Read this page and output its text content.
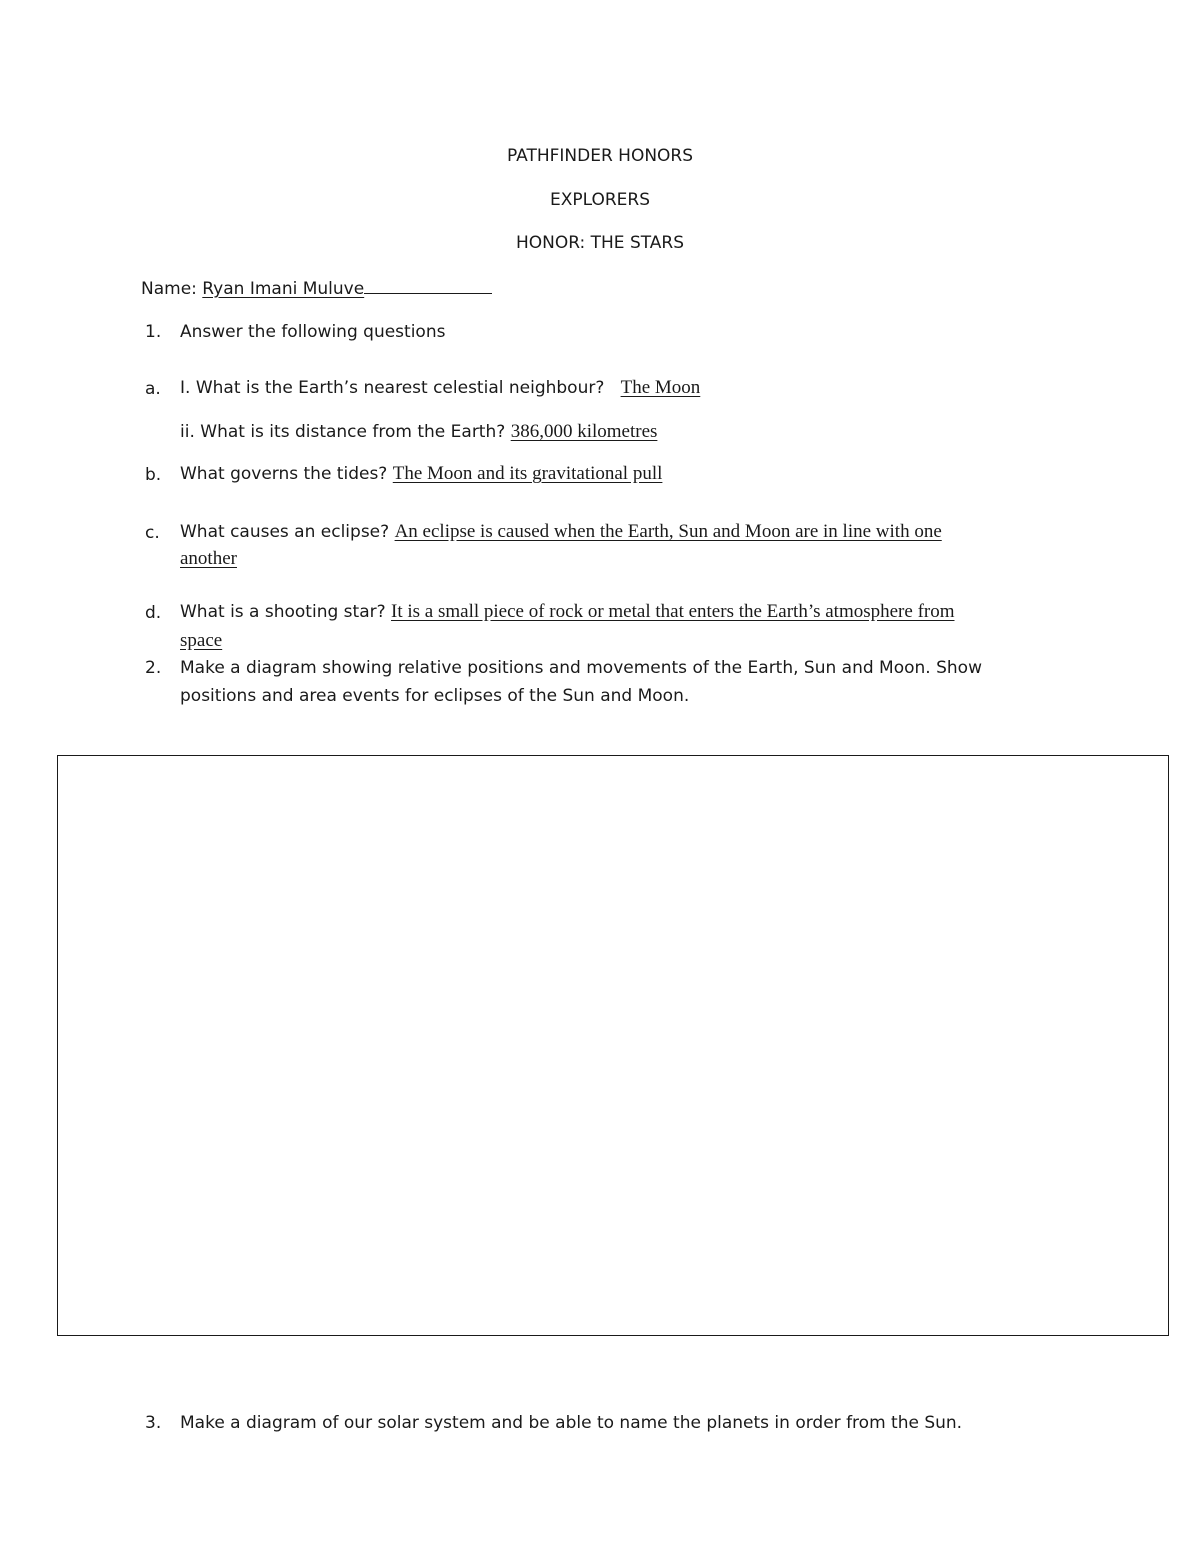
PATHFINDER HONORS
EXPLORERS
HONOR: THE STARS
Name: Ryan Imani Muluve
1. Answer the following questions
a. I. What is the Earth’s nearest celestial neighbour? The Moon
ii. What is its distance from the Earth? 386,000 kilometres
b. What governs the tides? The Moon and its gravitational pull
c. What causes an eclipse? An eclipse is caused when the Earth, Sun and Moon are in line with one
another
d. What is a shooting star? It is a small piece of rock or metal that enters the Earth’s atmosphere from
space
2. Make a diagram showing relative positions and movements of the Earth, Sun and Moon. Show
positions and area events for eclipses of the Sun and Moon.
3. Make a diagram of our solar system and be able to name the planets in order from the Sun.
